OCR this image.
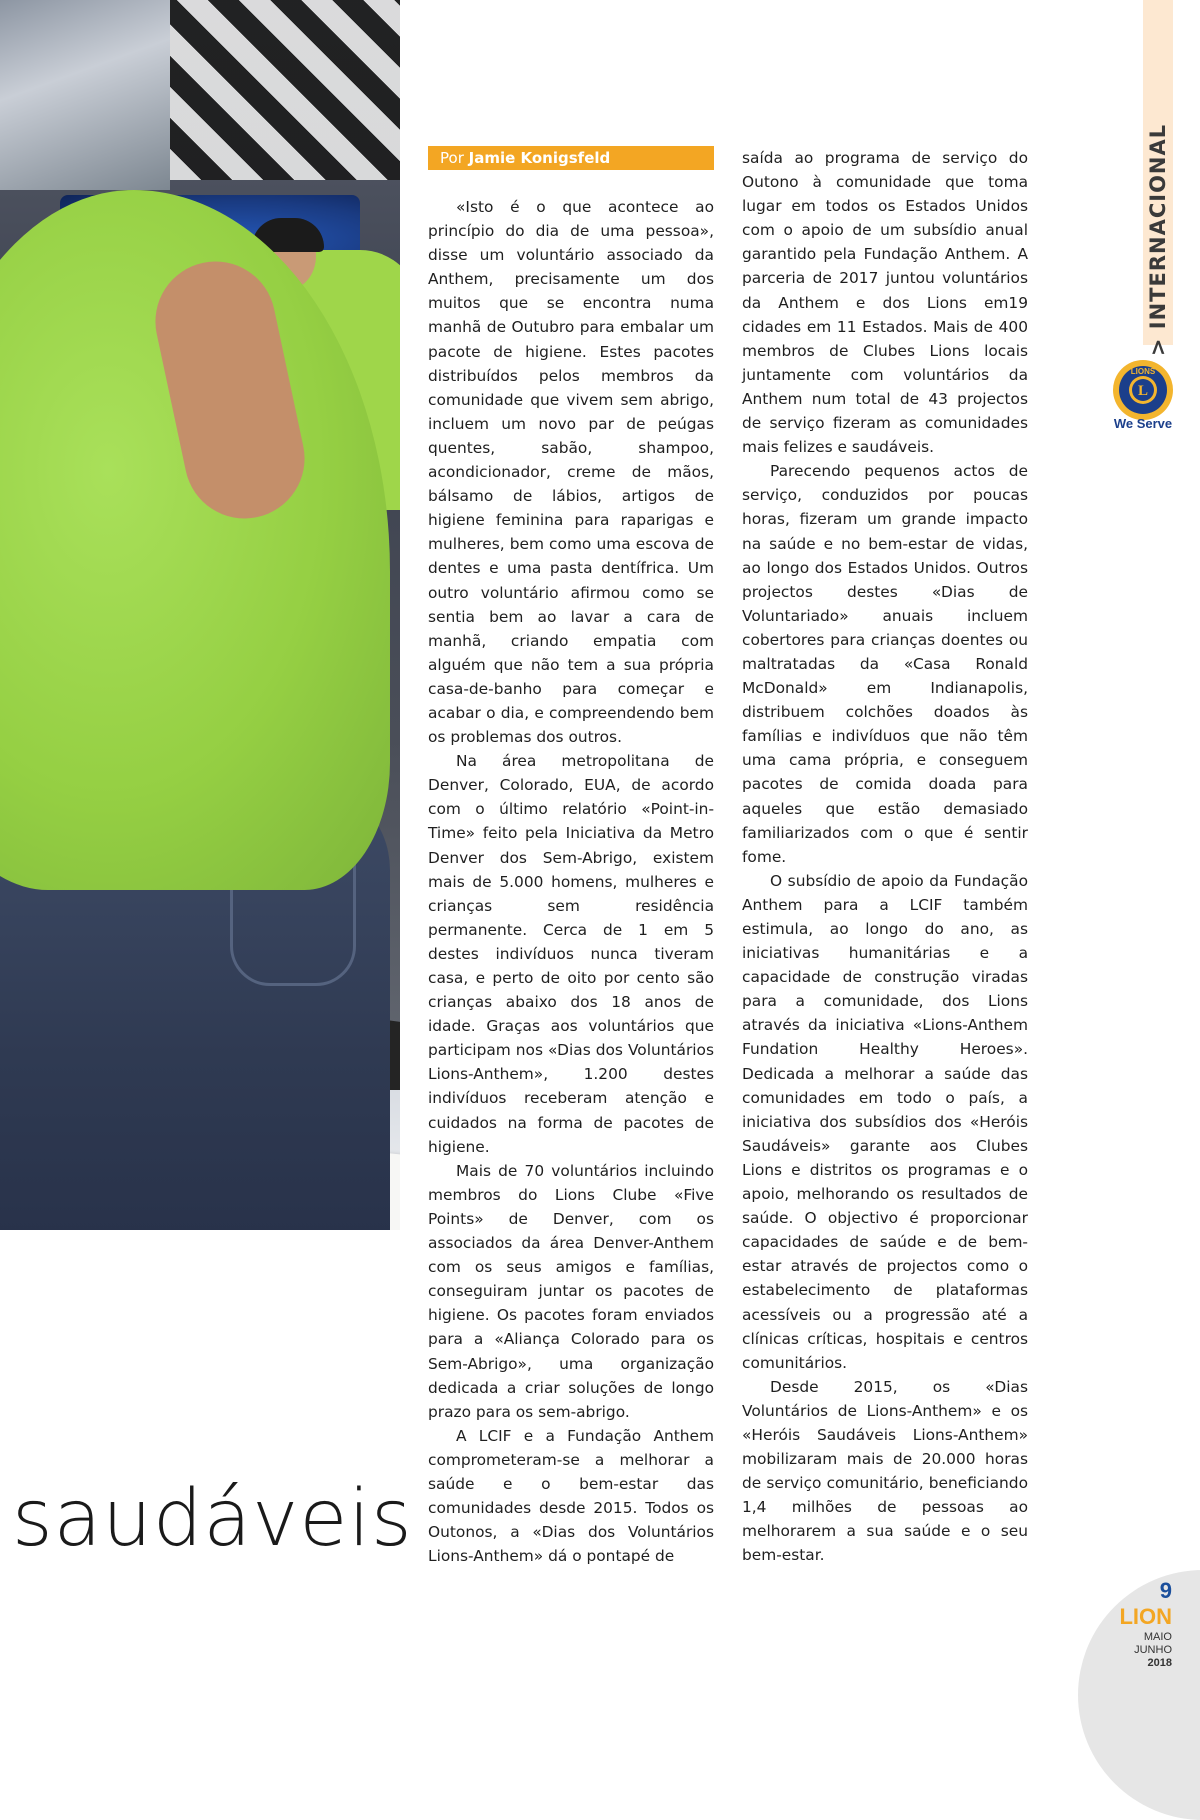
saudáveis
Por Jamie Konigsfeld

«Isto é o que acontece ao princípio do dia de uma pessoa», disse um voluntário associado da Anthem, precisamente um dos muitos que se encontra numa manhã de Outubro para embalar um pacote de higiene. Estes pacotes distribuídos pelos membros da comunidade que vivem sem abrigo, incluem um novo par de peúgas quentes, sabão, shampoo, acondicionador, creme de mãos, bálsamo de lábios, artigos de higiene feminina para raparigas e mulheres, bem como uma escova de dentes e uma pasta dentífrica. Um outro voluntário afirmou como se sentia bem ao lavar a cara de manhã, criando empatia com alguém que não tem a sua própria casa-de-banho para começar e acabar o dia, e compreendendo bem os problemas dos outros.

Na área metropolitana de Denver, Colorado, EUA, de acordo com o último relatório «Point-in-Time» feito pela Iniciativa da Metro Denver dos Sem-Abrigo, existem mais de 5.000 homens, mulheres e crianças sem residência permanente. Cerca de 1 em 5 destes indivíduos nunca tiveram casa, e perto de oito por cento são crianças abaixo dos 18 anos de idade. Graças aos voluntários que participam nos «Dias dos Voluntários Lions-Anthem», 1.200 destes indivíduos receberam atenção e cuidados na forma de pacotes de higiene.

Mais de 70 voluntários incluindo membros do Lions Clube «Five Points» de Denver, com os associados da área Denver-Anthem com os seus amigos e famílias, conseguiram juntar os pacotes de higiene. Os pacotes foram enviados para a «Aliança Colorado para os Sem-Abrigo», uma organização dedicada a criar soluções de longo prazo para os sem-abrigo.

A LCIF e a Fundação Anthem comprometeram-se a melhorar a saúde e o bem-estar das comunidades desde 2015. Todos os Outonos, a «Dias dos Voluntários Lions-Anthem» dá o pontapé de

saída ao programa de serviço do Outono à comunidade que toma lugar em todos os Estados Unidos com o apoio de um subsídio anual garantido pela Fundação Anthem. A parceria de 2017 juntou voluntários da Anthem e dos Lions em19 cidades em 11 Estados. Mais de 400 membros de Clubes Lions locais juntamente com voluntários da Anthem num total de 43 projectos de serviço fizeram as comunidades mais felizes e saudáveis.

Parecendo pequenos actos de serviço, conduzidos por poucas horas, fizeram um grande impacto na saúde e no bem-estar de vidas, ao longo dos Estados Unidos. Outros projectos destes «Dias de Voluntariado» anuais incluem cobertores para crianças doentes ou maltratadas da «Casa Ronald McDonald» em Indianapolis, distribuem colchões doados às famílias e indivíduos que não têm uma cama própria, e conseguem pacotes de comida doada para aqueles que estão demasiado familiarizados com o que é sentir fome.

O subsídio de apoio da Fundação Anthem para a LCIF também estimula, ao longo do ano, as iniciativas humanitárias e a capacidade de construção viradas para a comunidade, dos Lions através da iniciativa «Lions-Anthem Fundation Healthy Heroes». Dedicada a melhorar a saúde das comunidades em todo o país, a iniciativa dos subsídios dos «Heróis Saudáveis» garante aos Clubes Lions e distritos os programas e o apoio, melhorando os resultados de saúde. O objectivo é proporcionar capacidades de saúde e de bem-estar através de projectos como o estabelecimento de plataformas acessíveis ou a progressão até a clínicas críticas, hospitais e centros comunitários.

Desde 2015, os «Dias Voluntários de Lions-Anthem» e os «Heróis Saudáveis Lions-Anthem» mobilizaram mais de 20.000 horas de serviço comunitário, beneficiando 1,4 milhões de pessoas ao melhorarem a sua saúde e o seu bem-estar.

> INTERNACIONAL
LIONS
L
We Serve
9
LION
MAIO
JUNHO
2018
